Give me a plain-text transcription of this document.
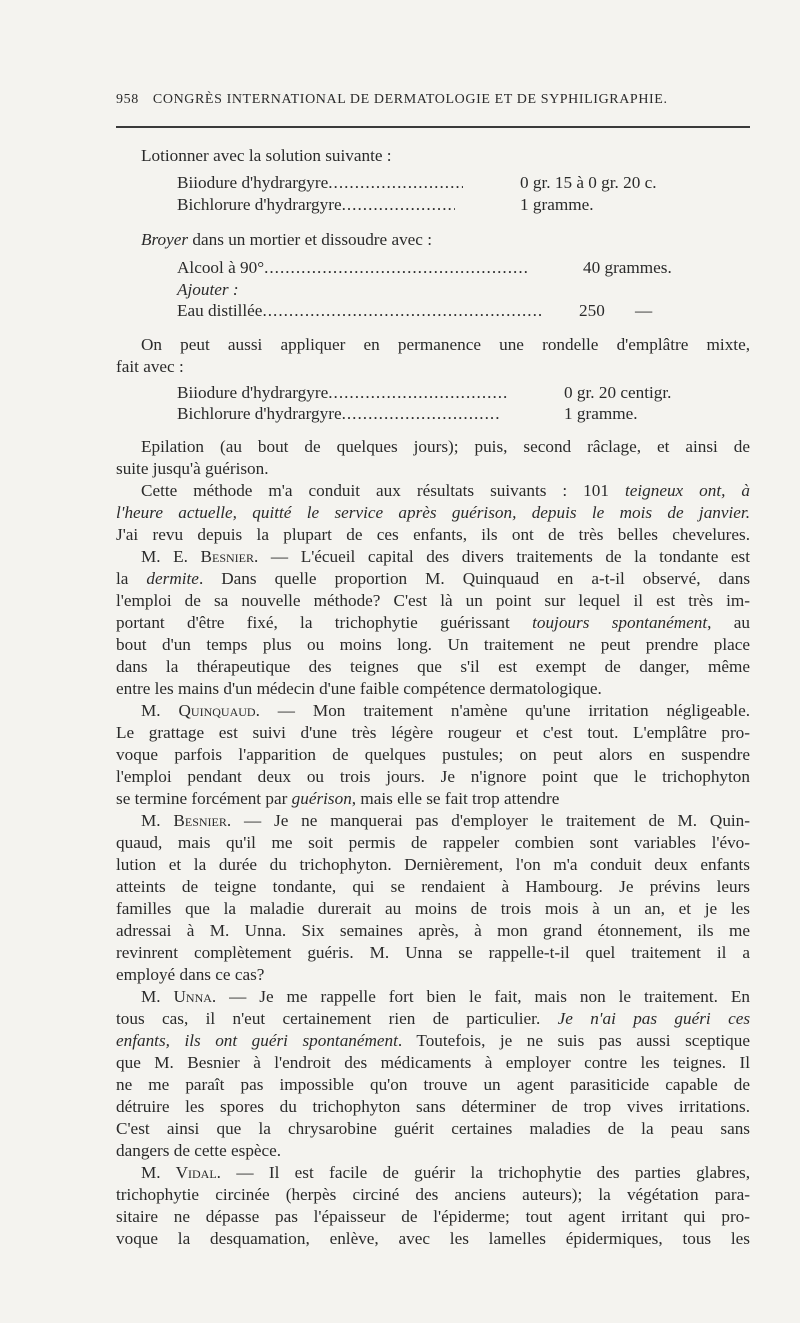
958 CONGRÈS INTERNATIONAL DE DERMATOLOGIE ET DE SYPHILIGRAPHIE.
Lotionner avec la solution suivante :
Biiodure d'hydrargyre .....	0 gr. 15 à 0 gr. 20 c.
Bichlorure d'hydrargyre .....	1 gramme.
Broyer dans un mortier et dissoudre avec :
Alcool à 90° .....	40 grammes.
Ajouter :
Eau distillée .....	250 —
On peut aussi appliquer en permanence une rondelle d'emplâtre mixte,
fait avec :
Biiodure d'hydrargyre .....	0 gr. 20 centigr.
Bichlorure d'hydrargyre .....	1 gramme.
Epilation (au bout de quelques jours); puis, second râclage, et ainsi de
suite jusqu'à guérison.
Cette méthode m'a conduit aux résultats suivants : 101 teigneux ont, à
l'heure actuelle, quitté le service après guérison, depuis le mois de janvier.
J'ai revu depuis la plupart de ces enfants, ils ont de très belles chevelures.
M. E. Besnier. — L'écueil capital des divers traitements de la tondante est
la dermite. Dans quelle proportion M. Quinquaud en a-t-il observé, dans
l'emploi de sa nouvelle méthode? C'est là un point sur lequel il est très im-
portant d'être fixé, la trichophytie guérissant toujours spontanément, au
bout d'un temps plus ou moins long. Un traitement ne peut prendre place
dans la thérapeutique des teignes que s'il est exempt de danger, même
entre les mains d'un médecin d'une faible compétence dermatologique.
M. Quinquaud. — Mon traitement n'amène qu'une irritation négligeable.
Le grattage est suivi d'une très légère rougeur et c'est tout. L'emplâtre pro-
voque parfois l'apparition de quelques pustules; on peut alors en suspendre
l'emploi pendant deux ou trois jours. Je n'ignore point que le trichophyton
se termine forcément par guérison, mais elle se fait trop attendre
M. Besnier. — Je ne manquerai pas d'employer le traitement de M. Quin-
quaud, mais qu'il me soit permis de rappeler combien sont variables l'évo-
lution et la durée du trichophyton. Dernièrement, l'on m'a conduit deux enfants
atteints de teigne tondante, qui se rendaient à Hambourg. Je prévins leurs
familles que la maladie durerait au moins de trois mois à un an, et je les
adressai à M. Unna. Six semaines après, à mon grand étonnement, ils me
revinrent complètement guéris. M. Unna se rappelle-t-il quel traitement il a
employé dans ce cas?
M. Unna. — Je me rappelle fort bien le fait, mais non le traitement. En
tous cas, il n'eut certainement rien de particulier. Je n'ai pas guéri ces
enfants, ils ont guéri spontanément. Toutefois, je ne suis pas aussi sceptique
que M. Besnier à l'endroit des médicaments à employer contre les teignes. Il
ne me paraît pas impossible qu'on trouve un agent parasiticide capable de
détruire les spores du trichophyton sans déterminer de trop vives irritations.
C'est ainsi que la chrysarobine guérit certaines maladies de la peau sans
dangers de cette espèce.
M. Vidal. — Il est facile de guérir la trichophytie des parties glabres,
trichophytie circinée (herpès circiné des anciens auteurs); la végétation para-
sitaire ne dépasse pas l'épaisseur de l'épiderme; tout agent irritant qui pro-
voque la desquamation, enlève, avec les lamelles épidermiques, tous les
